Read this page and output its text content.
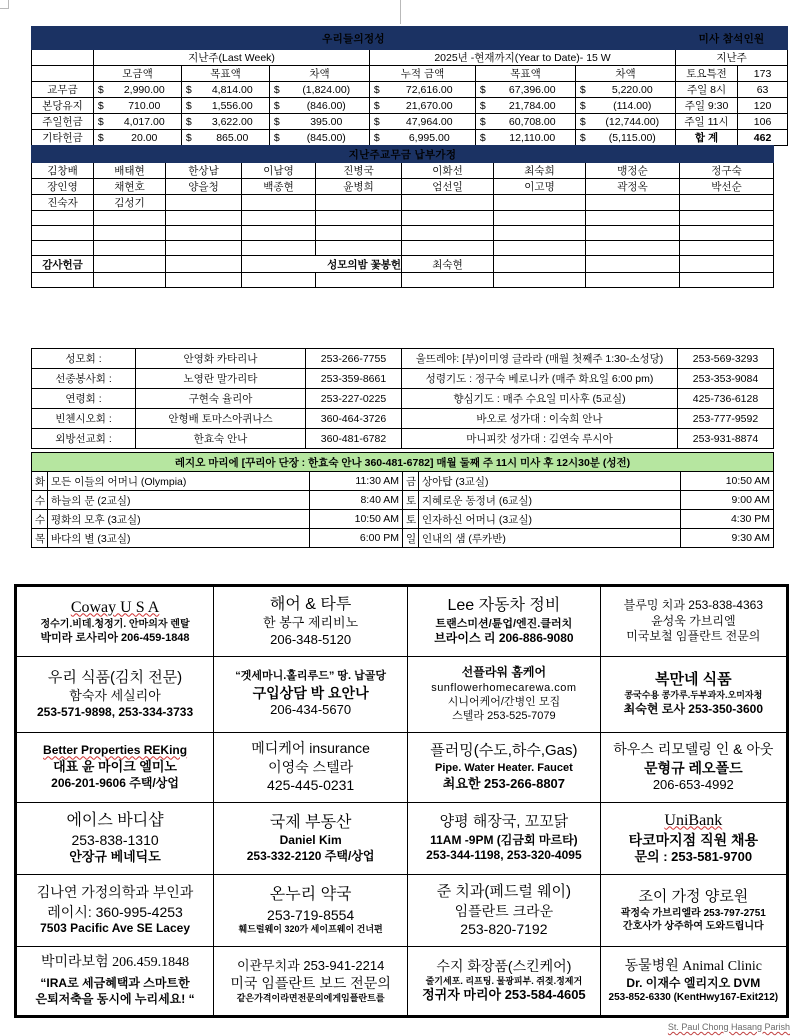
우리들의정성													미사 참석인원	
	지난주(Last Week)						2025년 -현재까지(Year to Date)- 15 W						지난주	
	모금액		목표액		차액		누적 금액		목표액		차액		토요특전	173
교무금	$	2,990.00	$	4,814.00	$	(1,824.00)	$	72,616.00	$	67,396.00	$	5,220.00	주일 8시	63
본당유지	$	710.00	$	1,556.00	$	(846.00)	$	21,670.00	$	21,784.00	$	(114.00)	주일 9:30	120
주일헌금	$	4,017.00	$	3,622.00	$	395.00	$	47,964.00	$	60,708.00	$	(12,744.00)	주일 11시	106
기타헌금	$	20.00	$	865.00	$	(845.00)	$	6,995.00	$	12,110.00	$	(5,115.00)	합 계	462
지난주교무금 납부가정								
김창배	배태현	한상남	이남영	진병국	이화선	최숙희	맹정순	정구숙
장인영	채현호	양을청	백종현	윤병희	엄선일	이고명	곽정옥	박선순
진숙자	김성기							

감사헌금				성모의밤 꽃봉헌	최숙현			

성모회 :	안영화 카타리나	253-266-7755	울뜨레야: [부)이미영 글라라 (매월 첫째주 1:30-소성당)	253-569-3293
선종봉사회 :	노영란 말가리타	253-359-8661	성령기도 : 정구숙 베로니카 (매주 화요일 6:00 pm)	253-353-9084
연령회 :	구현숙 율리아	253-227-0225	향심기도 : 매주 수요일 미사후 (5교실)	425-736-6128
빈첸시오회 :	안형배 토마스아퀴나스	360-464-3726	바오로 성가대 : 이숙희 안나	253-777-9592
외방선교회 :	한효숙 안나	360-481-6782	마니피캇 성가대 : 김연숙 루시아	253-931-8874
레지오 마리에 [꾸리아 단장 : 한효숙 안나 360-481-6782] 매월 둘째 주 11시 미사 후 12시30분 (성전)					
화	모든 이들의 어머니 (Olympia)	11:30 AM	금	상아탑 (3교실)	10:50 AM
수	하늘의 문 (2교실)	8:40 AM	토	지혜로운 동정녀 (6교실)	9:00 AM
수	평화의 모후 (3교실)	10:50 AM	토	인자하신 어머니 (3교실)	4:30 PM
목	바다의 별 (3교실)	6:00 PM	일	인내의 샘 (루카반)	9:30 AM
Coway U S A
정수기.비데.청정기. 안마의자 렌탈
박미라 로사리아 206-459-1848

해어 & 타투
한 봉구 제리비노
206-348-5120

Lee 자동차 정비
트랜스미션/튠업/엔진.클러치
브라이스 리 206-886-9080

블루밍 치과 253-838-4363
윤성욱 가브리엘
미국보철 임플란트 전문의

우리 식품(김치 전문)
함숙자 세실리아
253-571-9898, 253-334-3733

“겟세마니.홀리루드” 땅. 납골당
구입상담 박 요안나
206-434-5670

선플라워 홈케어
sunflowerhomecarewa.com
시니어케어/간병인 모집
스텔라 253-525-7079

복만네 식품
콩국수용 콩가루.두부과자.오미자청
최숙현 로사 253-350-3600

Better Properties REKing
대표 윤 마이크 엘미노
206-201-9606 주택/상업

메디케어 insurance
이영숙 스텔라
425-445-0231

플러밍(수도,하수,Gas)
Pipe. Water Heater. Faucet
최요한 253-266-8807

하우스 리모델링 인 & 아웃
문형규 레오폴드
206-653-4992

에이스 바디샵
253-838-1310
안장규 베네딕도

국제 부동산
Daniel Kim
253-332-2120 주택/상업

양평 해장국, 꼬꼬닭
11AM -9PM (김금회 마르타)
253-344-1198, 253-320-4095

UniBank
타코마지점 직원 채용
문의 : 253-581-9700

김나연 가정의학과 부인과
레이시: 360-995-4253
7503 Pacific Ave SE Lacey

온누리 약국
253-719-8554
훼드럴웨이 320가 세이프웨이 건너편

준 치과(페드럴 웨이)
임플란트 크라운
253-820-7192

조이 가정 양로원
곽정숙 가브리엘라 253-797-2751
간호사가 상주하여 도와드립니다

박미라보험 206.459.1848
“IRA로 세금혜택과 스마트한
은퇴저축을 동시에 누리세요! “

이관무치과 253-941-2214
미국 임플란트 보드 전문의
같은가격이라면전문의에게임플란트를

수지 화장품(스킨케어)
줄기세포. 리프팅. 물광피부. 쥐젖.정제거
정귀자 마리아 253-584-4605

동물병원 Animal Clinic
Dr. 이재수 엘리지오 DVM
253-852-6330 (KentHwy167-Exit212)
St. Paul Chong Hasang Parish
